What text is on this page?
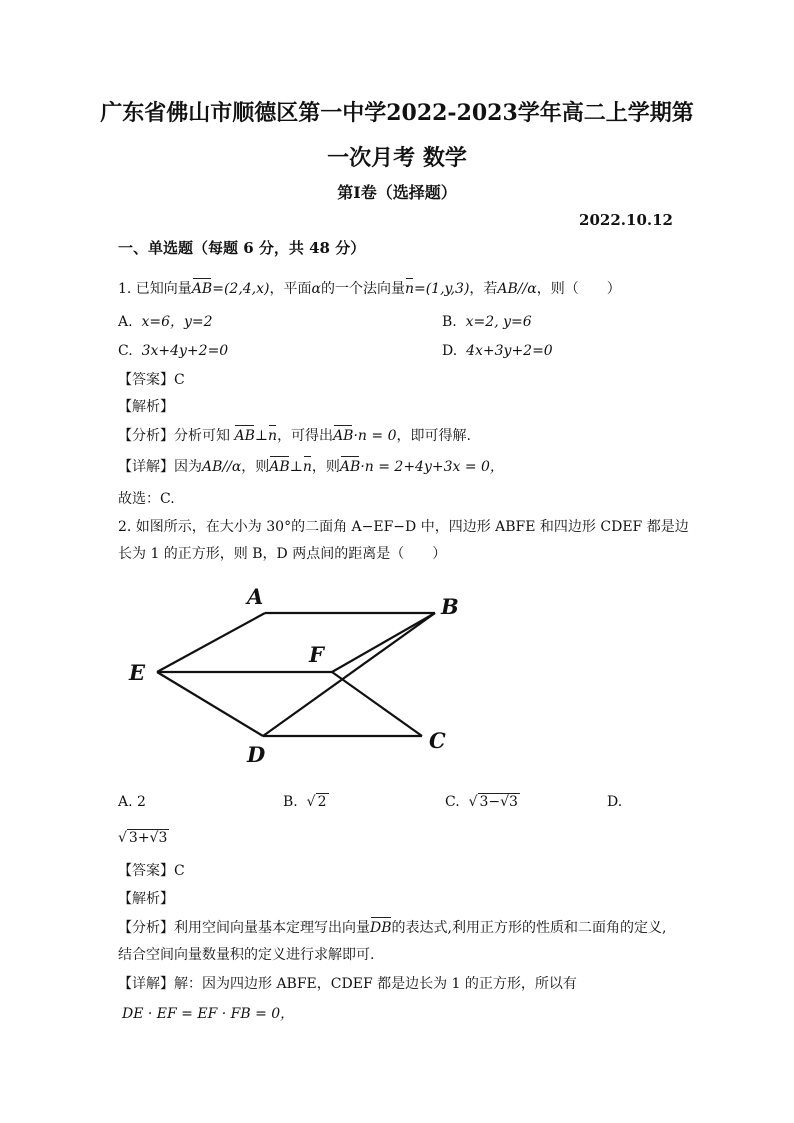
广东省佛山市顺德区第一中学2022-2023学年高二上学期第
一次月考 数学
第Ⅰ卷（选择题）
2022.10.12
一、单选题（每题 6 分，共 48 分）
1. 已知向量AB=(2,4,x)，平面α的一个法向量n=(1,y,3)，若AB//α，则（　　）
A. x=6，y=2	B. x=2, y=6
C. 3x+4y+2=0	D. 4x+3y+2=0
【答案】C
【解析】
【分析】分析可知 AB⊥n，可得出AB·n = 0，即可得解.
【详解】因为AB//α，则AB⊥n，则AB·n = 2+4y+3x = 0，
故选：C.
2. 如图所示，在大小为 30°的二面角 A−EF−D 中，四边形 ABFE 和四边形 CDEF 都是边
长为 1 的正方形，则 B，D 两点间的距离是（　　）
A	B
F
E
D
C
A. 2	B. √ 2	C. √ 3−√3	D.
√ 3+√3
【答案】C
【解析】
【分析】利用空间向量基本定理写出向量DB的表达式,利用正方形的性质和二面角的定义,
结合空间向量数量积的定义进行求解即可.
【详解】解：因为四边形 ABFE，CDEF 都是边长为 1 的正方形，所以有
DE · EF = EF · FB = 0，
